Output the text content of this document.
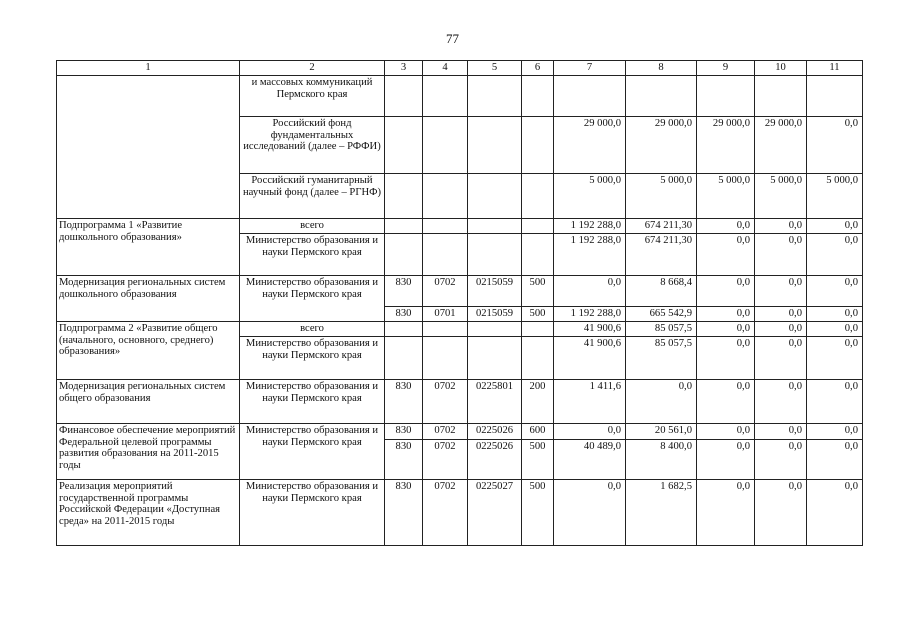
77
1	2	3	4	5	6	7	8	9	10	11
	и массовых коммуникаций Пермского края									
	Российский фонд фундаментальных исследований (далее – РФФИ)					29 000,0	29 000,0	29 000,0	29 000,0	0,0
	Российский гуманитарный научный фонд (далее – РГНФ)					5 000,0	5 000,0	5 000,0	5 000,0	5 000,0
Подпрограмма 1 «Развитие дошкольного образования»	всего					1 192 288,0	674 211,30	0,0	0,0	0,0
	Министерство образования и науки Пермского края					1 192 288,0	674 211,30	0,0	0,0	0,0
Модернизация региональных систем дошкольного образования	Министерство образования и науки Пермского края	830	0702	0215059	500	0,0	8 668,4	0,0	0,0	0,0
		830	0701	0215059	500	1 192 288,0	665 542,9	0,0	0,0	0,0
Подпрограмма 2 «Развитие общего (начального, основного, среднего) образования»	всего					41 900,6	85 057,5	0,0	0,0	0,0
	Министерство образования и науки Пермского края					41 900,6	85 057,5	0,0	0,0	0,0
Модернизация региональных систем общего образования	Министерство образования и науки Пермского края	830	0702	0225801	200	1 411,6	0,0	0,0	0,0	0,0
Финансовое обеспечение мероприятий Федеральной целевой программы развития образования на 2011-2015 годы	Министерство образования и науки Пермского края	830	0702	0225026	600	0,0	20 561,0	0,0	0,0	0,0
		830	0702	0225026	500	40 489,0	8 400,0	0,0	0,0	0,0
Реализация мероприятий государственной программы Российской Федерации «Доступная среда» на 2011-2015 годы	Министерство образования и науки Пермского края	830	0702	0225027	500	0,0	1 682,5	0,0	0,0	0,0
